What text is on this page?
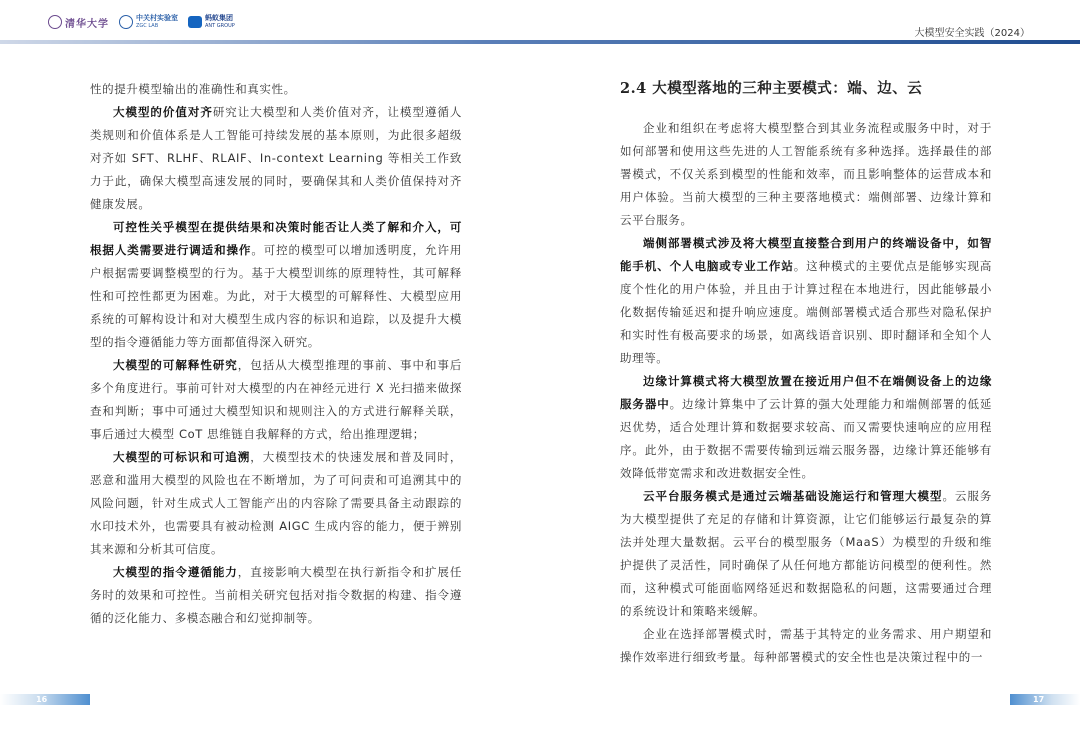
清华大学
中关村实验室
ZGC LAB
蚂蚁集团
ANT GROUP
大模型安全实践（2024）

性的提升模型输出的准确性和真实性。

大模型的价值对齐研究让大模型和人类价值对齐，让模型遵循人类规则和价值体系是人工智能可持续发展的基本原则，为此很多超级对齐如 SFT、RLHF、RLAIF、In-context Learning 等相关工作致力于此，确保大模型高速发展的同时，要确保其和人类价值保持对齐健康发展。

可控性关乎模型在提供结果和决策时能否让人类了解和介入，可根据人类需要进行调适和操作。可控的模型可以增加透明度，允许用户根据需要调整模型的行为。基于大模型训练的原理特性，其可解释性和可控性都更为困难。为此，对于大模型的可解释性、大模型应用系统的可解构设计和对大模型生成内容的标识和追踪，以及提升大模型的指令遵循能力等方面都值得深入研究。

大模型的可解释性研究，包括从大模型推理的事前、事中和事后多个角度进行。事前可针对大模型的内在神经元进行 X 光扫描来做探查和判断；事中可通过大模型知识和规则注入的方式进行解释关联，事后通过大模型 CoT 思维链自我解释的方式，给出推理逻辑；

大模型的可标识和可追溯，大模型技术的快速发展和普及同时，恶意和滥用大模型的风险也在不断增加，为了可问责和可追溯其中的风险问题，针对生成式人工智能产出的内容除了需要具备主动跟踪的水印技术外，也需要具有被动检测 AIGC 生成内容的能力，便于辨别其来源和分析其可信度。

大模型的指令遵循能力，直接影响大模型在执行新指令和扩展任务时的效果和可控性。当前相关研究包括对指令数据的构建、指令遵循的泛化能力、多模态融合和幻觉抑制等。

2.4 大模型落地的三种主要模式：端、边、云

企业和组织在考虑将大模型整合到其业务流程或服务中时，对于如何部署和使用这些先进的人工智能系统有多种选择。选择最佳的部署模式，不仅关系到模型的性能和效率，而且影响整体的运营成本和用户体验。当前大模型的三种主要落地模式：端侧部署、边缘计算和云平台服务。

端侧部署模式涉及将大模型直接整合到用户的终端设备中，如智能手机、个人电脑或专业工作站。这种模式的主要优点是能够实现高度个性化的用户体验，并且由于计算过程在本地进行，因此能够最小化数据传输延迟和提升响应速度。端侧部署模式适合那些对隐私保护和实时性有极高要求的场景，如离线语音识别、即时翻译和全知个人助理等。

边缘计算模式将大模型放置在接近用户但不在端侧设备上的边缘服务器中。边缘计算集中了云计算的强大处理能力和端侧部署的低延迟优势，适合处理计算和数据要求较高、而又需要快速响应的应用程序。此外，由于数据不需要传输到远端云服务器，边缘计算还能够有效降低带宽需求和改进数据安全性。

云平台服务模式是通过云端基础设施运行和管理大模型。云服务为大模型提供了充足的存储和计算资源，让它们能够运行最复杂的算法并处理大量数据。云平台的模型服务（MaaS）为模型的升级和维护提供了灵活性，同时确保了从任何地方都能访问模型的便利性。然而，这种模式可能面临网络延迟和数据隐私的问题，这需要通过合理的系统设计和策略来缓解。

企业在选择部署模式时，需基于其特定的业务需求、用户期望和操作效率进行细致考量。每种部署模式的安全性也是决策过程中的一

16	17
